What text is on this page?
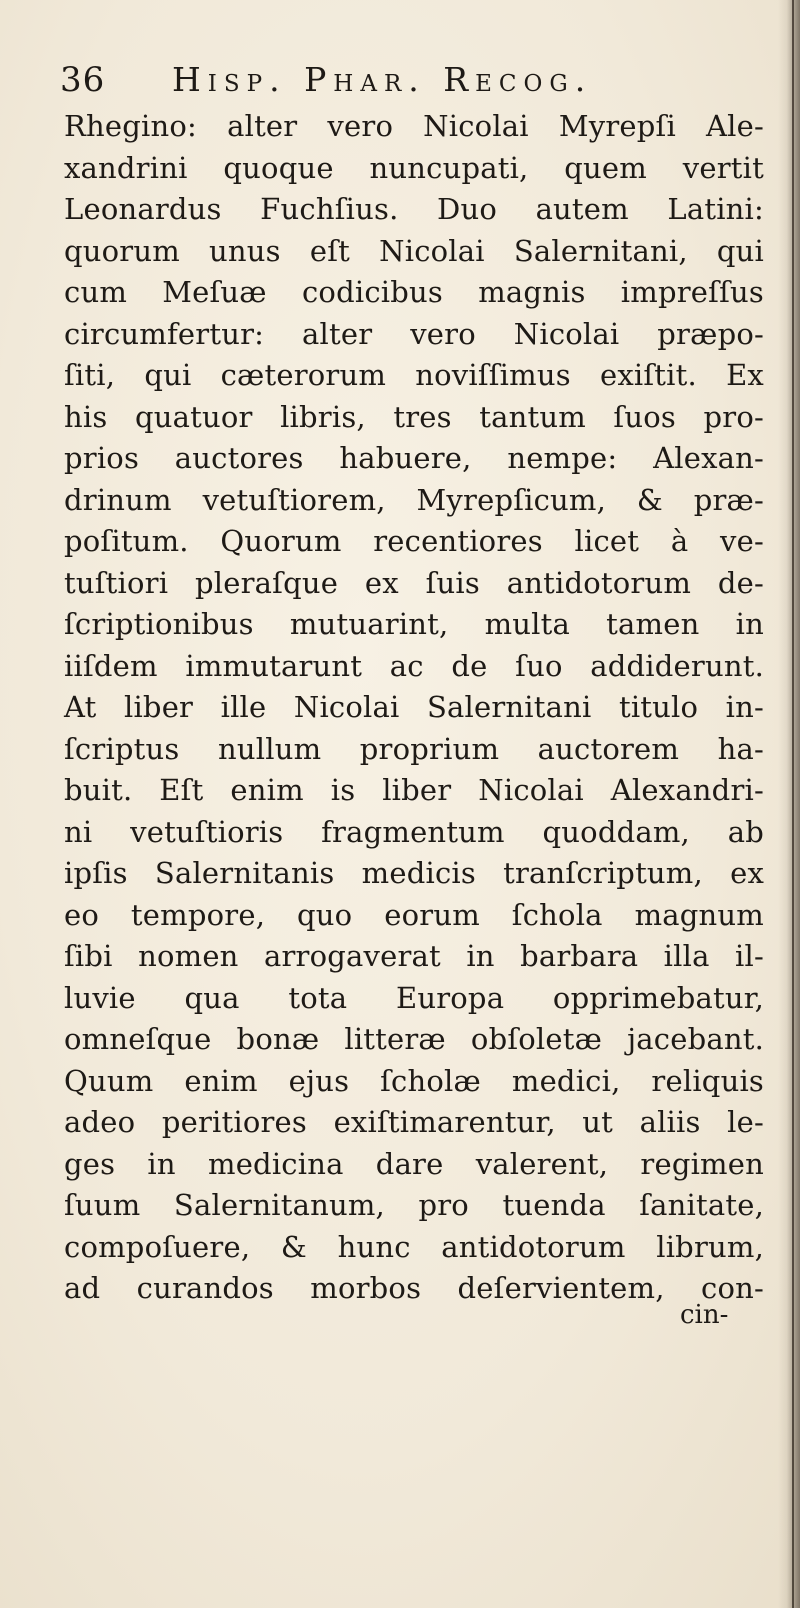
36 Hisp. Phar. Recog.
Rhegino: alter vero Nicolai Myrepſi Ale-
xandrini quoque nuncupati, quem vertit
Leonardus Fuchſius. Duo autem Latini:
quorum unus eſt Nicolai Salernitani, qui
cum Meſuæ codicibus magnis impreſſus
circumfertur: alter vero Nicolai præpo-
ſiti, qui cæterorum noviſſimus exiſtit. Ex
his quatuor libris, tres tantum ſuos pro-
prios auctores habuere, nempe: Alexan-
drinum vetuſtiorem, Myrepſicum, & præ-
poſitum. Quorum recentiores licet à ve-
tuſtiori pleraſque ex ſuis antidotorum de-
ſcriptionibus mutuarint, multa tamen in
iiſdem immutarunt ac de ſuo addiderunt.
At liber ille Nicolai Salernitani titulo in-
ſcriptus nullum proprium auctorem ha-
buit. Eſt enim is liber Nicolai Alexandri-
ni vetuſtioris fragmentum quoddam, ab
ipſis Salernitanis medicis tranſcriptum, ex
eo tempore, quo eorum ſchola magnum
ſibi nomen arrogaverat in barbara illa il-
luvie qua tota Europa opprimebatur,
omneſque bonæ litteræ obſoletæ jacebant.
Quum enim ejus ſcholæ medici, reliquis
adeo peritiores exiſtimarentur, ut aliis le-
ges in medicina dare valerent, regimen
ſuum Salernitanum, pro tuenda ſanitate,
compoſuere, & hunc antidotorum librum,
ad curandos morbos deſervientem, con-
cin-
